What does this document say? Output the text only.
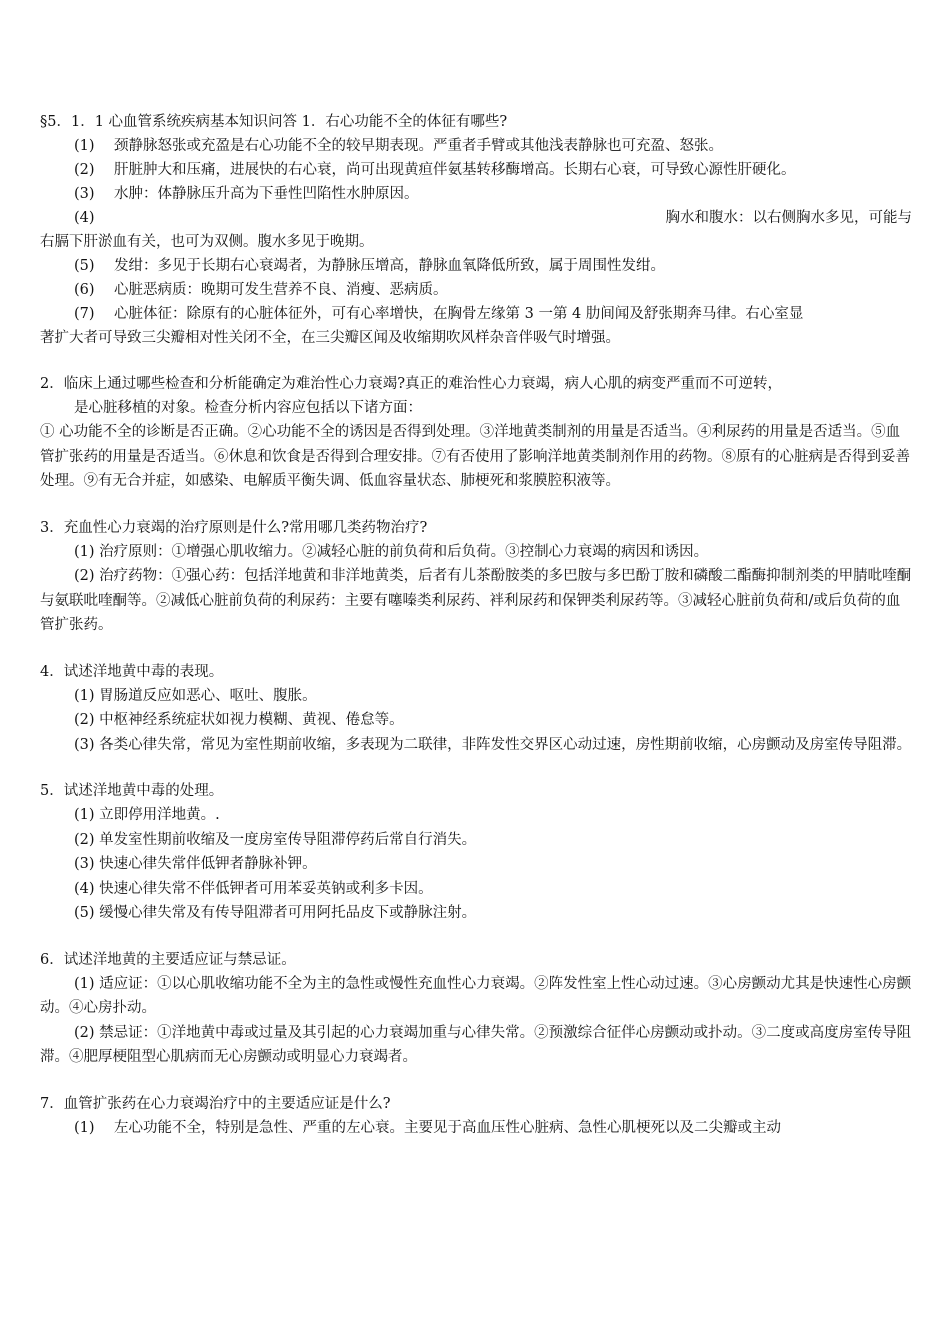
§5．1．1 心血管系统疾病基本知识问答 1．右心功能不全的体征有哪些?
(1) 颈静脉怒张或充盈是右心功能不全的较早期表现。严重者手臂或其他浅表静脉也可充盈、怒张。
(2) 肝脏肿大和压痛，进展快的右心衰，尚可出现黄疸伴氨基转移酶增高。长期右心衰，可导致心源性肝硬化。
(3) 水肿：体静脉压升高为下垂性凹陷性水肿原因。
(4)	胸水和腹水：以右侧胸水多见，可能与
右膈下肝淤血有关，也可为双侧。腹水多见于晚期。
(5) 发绀：多见于长期右心衰竭者，为静脉压增高，静脉血氧降低所致，属于周围性发绀。
(6) 心脏恶病质：晚期可发生营养不良、消瘦、恶病质。
(7) 心脏体征：除原有的心脏体征外，可有心率增快，在胸骨左缘第 3 一第 4 肋间闻及舒张期奔马律。右心室显
著扩大者可导致三尖瓣相对性关闭不全，在三尖瓣区闻及收缩期吹风样杂音伴吸气时增强。
2．临床上通过哪些检查和分析能确定为难治性心力衰竭?真正的难治性心力衰竭，病人心肌的病变严重而不可逆转，
是心脏移植的对象。检查分析内容应包括以下诸方面：
① 心功能不全的诊断是否正确。②心功能不全的诱因是否得到处理。③洋地黄类制剂的用量是否适当。④利尿药的用量是否适当。⑤血管扩张药的用量是否适当。⑥休息和饮食是否得到合理安排。⑦有否使用了影响洋地黄类制剂作用的药物。⑧原有的心脏病是否得到妥善处理。⑨有无合并症，如感染、电解质平衡失调、低血容量状态、肺梗死和浆膜腔积液等。
3．充血性心力衰竭的治疗原则是什么?常用哪几类药物治疗?
(1) 治疗原则：①增强心肌收缩力。②减轻心脏的前负荷和后负荷。③控制心力衰竭的病因和诱因。
(2) 治疗药物：①强心药：包括洋地黄和非洋地黄类，后者有儿茶酚胺类的多巴胺与多巴酚丁胺和磷酸二酯酶抑制剂类的甲腈吡喹酮与氨联吡喹酮等。②减低心脏前负荷的利尿药：主要有噻嗪类利尿药、袢利尿药和保钾类利尿药等。③减轻心脏前负荷和/或后负荷的血管扩张药。
4．试述洋地黄中毒的表现。
(1) 胃肠道反应如恶心、呕吐、腹胀。
(2) 中枢神经系统症状如视力模糊、黄视、倦怠等。
(3) 各类心律失常，常见为室性期前收缩，多表现为二联律，非阵发性交界区心动过速，房性期前收缩，心房颤动及房室传导阻滞。
5．试述洋地黄中毒的处理。
(1) 立即停用洋地黄。.
(2) 单发室性期前收缩及一度房室传导阻滞停药后常自行消失。
(3) 快速心律失常伴低钾者静脉补钾。
(4) 快速心律失常不伴低钾者可用苯妥英钠或利多卡因。
(5) 缓慢心律失常及有传导阻滞者可用阿托品皮下或静脉注射。
6．试述洋地黄的主要适应证与禁忌证。
(1) 适应证：①以心肌收缩功能不全为主的急性或慢性充血性心力衰竭。②阵发性室上性心动过速。③心房颤动尤其是快速性心房颤动。④心房扑动。
(2) 禁忌证：①洋地黄中毒或过量及其引起的心力衰竭加重与心律失常。②预激综合征伴心房颤动或扑动。③二度或高度房室传导阻滞。④肥厚梗阻型心肌病而无心房颤动或明显心力衰竭者。
7．血管扩张药在心力衰竭治疗中的主要适应证是什么?
(1) 左心功能不全，特别是急性、严重的左心衰。主要见于高血压性心脏病、急性心肌梗死以及二尖瓣或主动
